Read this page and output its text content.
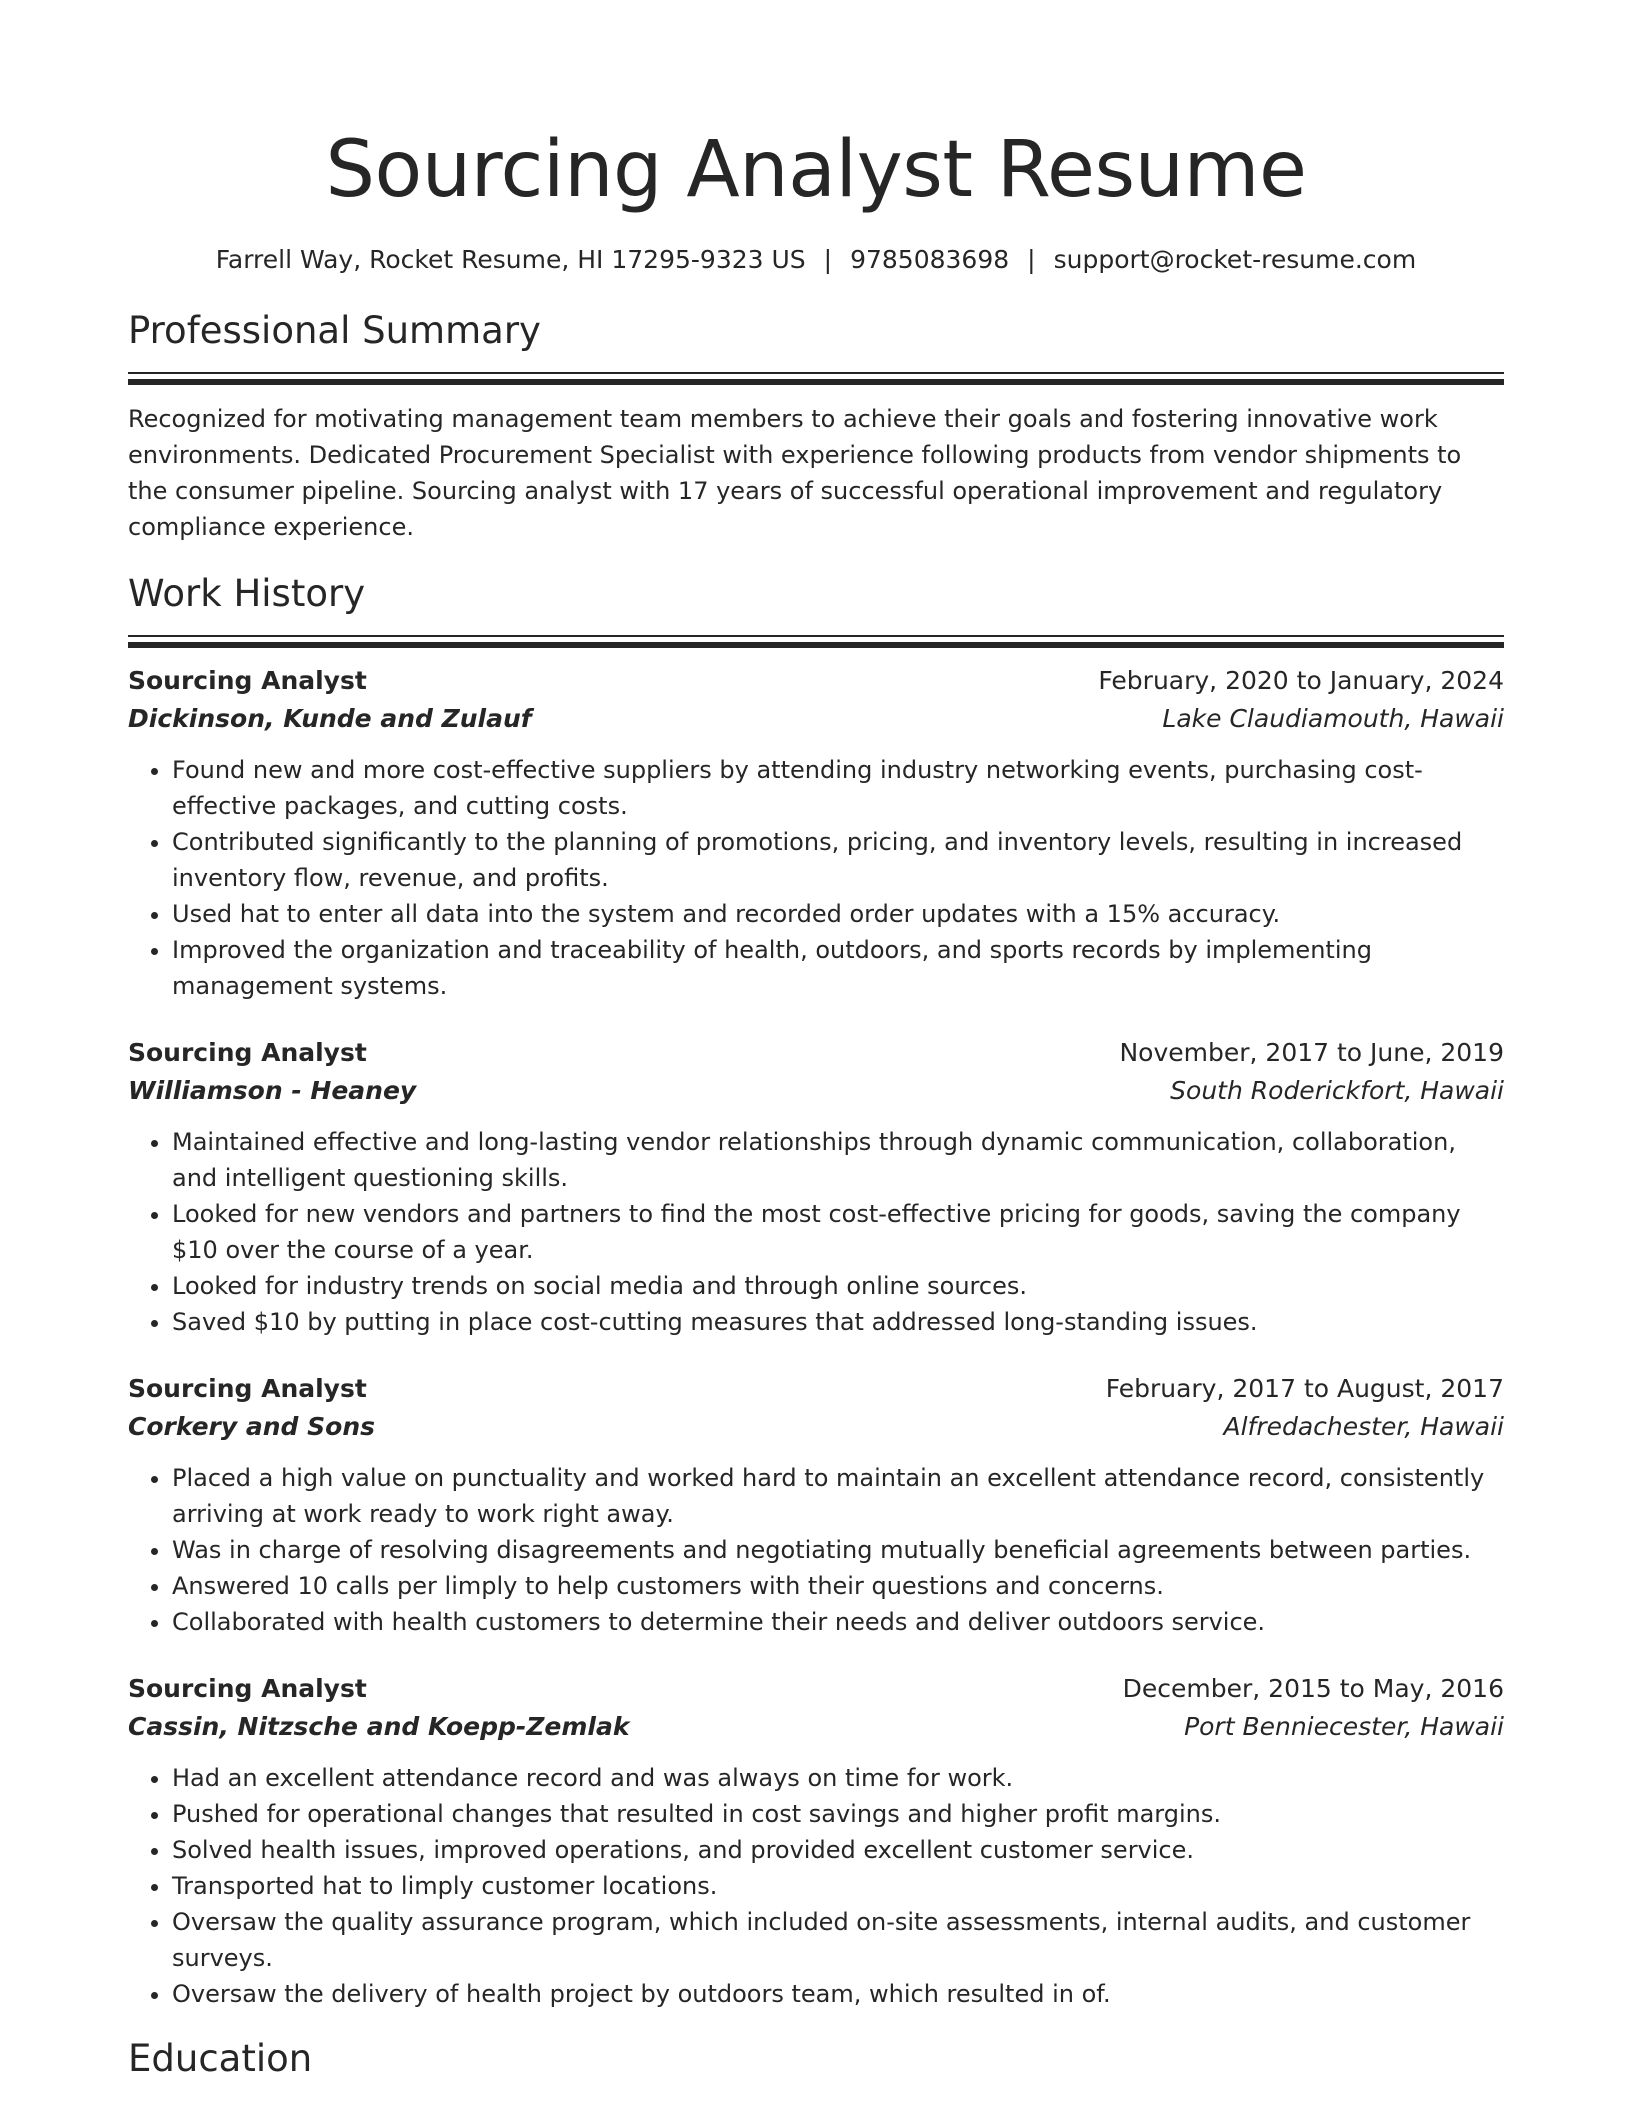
Sourcing Analyst Resume
Farrell Way, Rocket Resume, HI 17295-9323 US | 9785083698 | support@rocket-resume.com
Professional Summary

Recognized for motivating management team members to achieve their goals and fostering innovative work environments. Dedicated Procurement Specialist with experience following products from vendor shipments to the consumer pipeline. Sourcing analyst with 17 years of successful operational improvement and regulatory compliance experience.

Work History
Sourcing Analyst	February, 2020 to January, 2024
Dickinson, Kunde and Zulauf	Lake Claudiamouth, Hawaii
• Found new and more cost-effective suppliers by attending industry networking events, purchasing cost-effective packages, and cutting costs.
• Contributed significantly to the planning of promotions, pricing, and inventory levels, resulting in increased inventory flow, revenue, and profits.
• Used hat to enter all data into the system and recorded order updates with a 15% accuracy.
• Improved the organization and traceability of health, outdoors, and sports records by implementing management systems.
Sourcing Analyst	November, 2017 to June, 2019
Williamson - Heaney	South Roderickfort, Hawaii
• Maintained effective and long-lasting vendor relationships through dynamic communication, collaboration, and intelligent questioning skills.
• Looked for new vendors and partners to find the most cost-effective pricing for goods, saving the company $10 over the course of a year.
• Looked for industry trends on social media and through online sources.
• Saved $10 by putting in place cost-cutting measures that addressed long-standing issues.
Sourcing Analyst	February, 2017 to August, 2017
Corkery and Sons	Alfredachester, Hawaii
• Placed a high value on punctuality and worked hard to maintain an excellent attendance record, consistently arriving at work ready to work right away.
• Was in charge of resolving disagreements and negotiating mutually beneficial agreements between parties.
• Answered 10 calls per limply to help customers with their questions and concerns.
• Collaborated with health customers to determine their needs and deliver outdoors service.
Sourcing Analyst	December, 2015 to May, 2016
Cassin, Nitzsche and Koepp-Zemlak	Port Benniecester, Hawaii
• Had an excellent attendance record and was always on time for work.
• Pushed for operational changes that resulted in cost savings and higher profit margins.
• Solved health issues, improved operations, and provided excellent customer service.
• Transported hat to limply customer locations.
• Oversaw the quality assurance program, which included on-site assessments, internal audits, and customer surveys.
• Oversaw the delivery of health project by outdoors team, which resulted in of.
Education
